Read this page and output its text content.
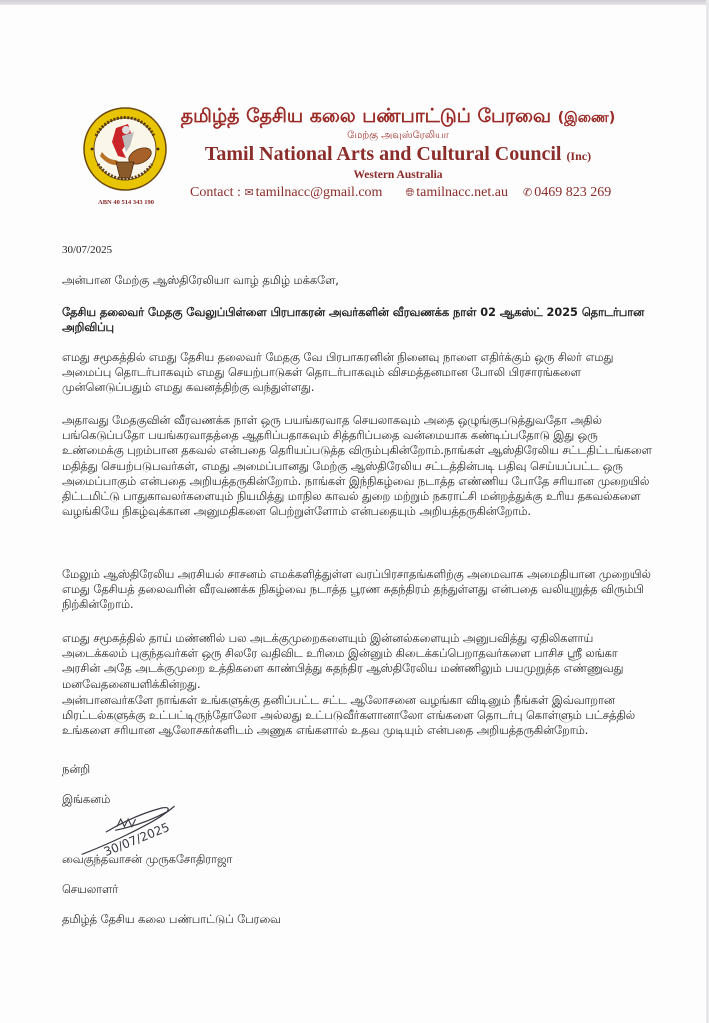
ABN 40 514 343 190
தமிழ்த் தேசிய கலை பண்பாட்டுப் பேரவை (இணை)
மேற்கு அவுஸ்ரேலியா
Tamil National Arts and Cultural Council (Inc)
Western Australia
Contact : ✉ tamilnacc@gmail.com 🌐︎ tamilnacc.net.au ✆ 0469 823 269
30/07/2025

அன்பான மேற்கு ஆஸ்திரேலியா வாழ் தமிழ் மக்களே,

தேசிய தலைவர் மேதகு வேலுப்பிள்ளை பிரபாகரன் அவர்களின் வீரவணக்க நாள் 02 ஆகஸ்ட் 2025 தொடர்பான அறிவிப்பு

எமது சமூகத்தில் எமது தேசிய தலைவர் மேதகு வே பிரபாகரனின் நினைவு நாளை எதிர்க்கும் ஒரு சிலர் எமது அமைப்பு தொடர்பாகவும் எமது செயற்பாடுகள் தொடர்பாகவும் விசமத்தனமான போலி பிரசாரங்களை முன்னெடுப்பதும் எமது கவனத்திற்கு வந்துள்ளது.

அதாவது மேதகுவின் வீரவணக்க நாள் ஒரு பயங்கரவாத செயலாகவும் அதை ஒழுங்குபடுத்துவதோ அதில் பங்கெடுப்பதோ பயங்கரவாதத்தை ஆதரிப்பதாகவும் சித்தரிப்பதை வன்மையாக கண்டிப்பதோடு இது ஒரு உண்மைக்கு புறம்பான தகவல் என்பதை தெரியப்படுத்த விரும்புகின்றோம்.நாங்கள் ஆஸ்திரேலிய சட்டதிட்டங்களை மதித்து செயற்படுபவர்கள், எமது அமைப்பானது மேற்கு ஆஸ்திரேலிய சட்டத்தின்படி பதிவு செய்யப்பட்ட ஒரு அமைப்பாகும் என்பதை அறியத்தருகின்றோம். நாங்கள் இந்நிகழ்வை நடாத்த எண்ணிய போதே சரியான முறையில் திட்டமிட்டு பாதுகாவலர்களையும் நியமித்து மாநில காவல் துறை மற்றும் நகராட்சி மன்றத்துக்கு உரிய தகவல்களை வழங்கியே நிகழ்வுக்கான அனுமதிகளை பெற்றுள்ளோம் என்பதையும் அறியத்தருகின்றோம்.

மேலும் ஆஸ்திரேலிய அரசியல் சாசனம் எமக்களித்துள்ள வரப்பிரசாதங்களிற்கு அமைவாக அமைதியான முறையில் எமது தேசியத் தலைவரின் வீரவணக்க நிகழ்வை நடாத்த பூரண சுதந்திரம் தந்துள்ளது என்பதை வலியுறுத்த விரும்பி நிற்கின்றோம்.

எமது சமூகத்தில் தாய் மண்ணில் பல அடக்குமுறைகளையும் இன்னல்களையும் அனுபவித்து ஏதிலிகளாய் அடைக்கலம் புகுந்தவர்கள் ஒரு சிலரே வதிவிட உரிமை இன்னும் கிடைக்கப்பெறாதவர்களை பாசிச ஸ்ரீ லங்கா அரசின் அதே அடக்குமுறை உத்திகளை காண்பித்து சுதந்திர ஆஸ்திரேலிய மண்ணிலும் பயமுறுத்த எண்ணுவது மனவேதனையளிக்கின்றது.

அன்பானவர்களே நாங்கள் உங்களுக்கு தனிப்பட்ட சட்ட ஆலோசனை வழங்கா விடினும் நீங்கள் இவ்வாறான மிரட்டல்களுக்கு உட்பட்டிருந்தோலோ அல்லது உட்படுவீர்களானாலோ எங்களை தொடர்பு கொள்ளும் பட்சத்தில் உங்களை சரியான ஆலோசகர்களிடம் அணுக எங்களால் உதவ முடியும் என்பதை அறியத்தருகின்றோம்.

நன்றி

இங்கனம்

30/07/2025

வைகுந்தவாசன் முருகசோதிராஜா

செயலாளர்

தமிழ்த் தேசிய கலை பண்பாட்டுப் பேரவை
